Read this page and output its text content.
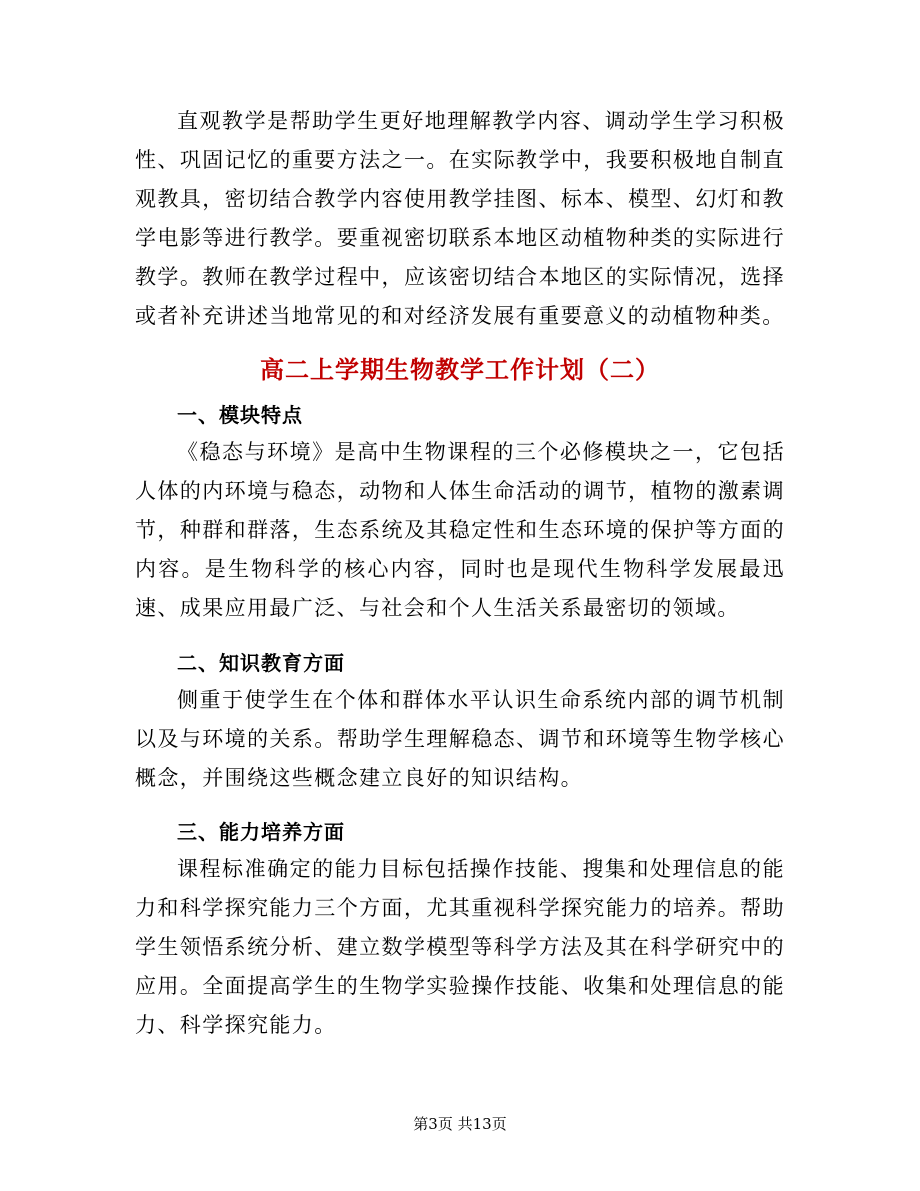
直观教学是帮助学生更好地理解教学内容、调动学生学习积极性、巩固记忆的重要方法之一。在实际教学中，我要积极地自制直观教具，密切结合教学内容使用教学挂图、标本、模型、幻灯和教学电影等进行教学。要重视密切联系本地区动植物种类的实际进行教学。教师在教学过程中，应该密切结合本地区的实际情况，选择或者补充讲述当地常见的和对经济发展有重要意义的动植物种类。

高二上学期生物教学工作计划（二）
一、模块特点

《稳态与环境》是高中生物课程的三个必修模块之一，它包括人体的内环境与稳态，动物和人体生命活动的调节，植物的激素调节，种群和群落，生态系统及其稳定性和生态环境的保护等方面的内容。是生物科学的核心内容，同时也是现代生物科学发展最迅速、成果应用最广泛、与社会和个人生活关系最密切的领域。

二、知识教育方面

侧重于使学生在个体和群体水平认识生命系统内部的调节机制以及与环境的关系。帮助学生理解稳态、调节和环境等生物学核心概念，并围绕这些概念建立良好的知识结构。

三、能力培养方面

课程标准确定的能力目标包括操作技能、搜集和处理信息的能力和科学探究能力三个方面，尤其重视科学探究能力的培养。帮助学生领悟系统分析、建立数学模型等科学方法及其在科学研究中的应用。全面提高学生的生物学实验操作技能、收集和处理信息的能力、科学探究能力。

第3页 共13页
